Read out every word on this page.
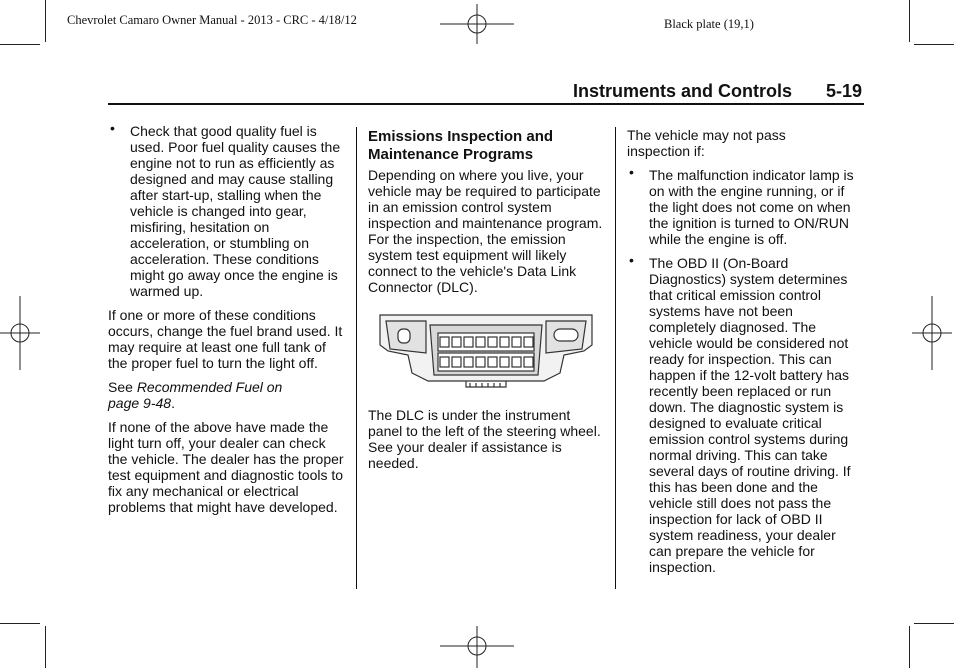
Chevrolet Camaro Owner Manual - 2013 - CRC - 4/18/12	Black plate (19,1)
Instruments and Controls 5-19
• Check that good quality fuel is used. Poor fuel quality causes the engine not to run as efficiently as designed and may cause stalling after start-up, stalling when the vehicle is changed into gear, misfiring, hesitation on acceleration, or stumbling on acceleration. These conditions might go away once the engine is warmed up.

If one or more of these conditions occurs, change the fuel brand used. It may require at least one full tank of the proper fuel to turn the light off.

See Recommended Fuel on page 9-48.

If none of the above have made the light turn off, your dealer can check the vehicle. The dealer has the proper test equipment and diagnostic tools to fix any mechanical or electrical problems that might have developed.

Emissions Inspection and Maintenance Programs

Depending on where you live, your vehicle may be required to participate in an emission control system inspection and maintenance program. For the inspection, the emission system test equipment will likely connect to the vehicle's Data Link Connector (DLC).

The DLC is under the instrument panel to the left of the steering wheel. See your dealer if assistance is needed.

The vehicle may not pass inspection if:

• The malfunction indicator lamp is on with the engine running, or if the light does not come on when the ignition is turned to ON/RUN while the engine is off.
• The OBD II (On-Board Diagnostics) system determines that critical emission control systems have not been completely diagnosed. The vehicle would be considered not ready for inspection. This can happen if the 12-volt battery has recently been replaced or run down. The diagnostic system is designed to evaluate critical emission control systems during normal driving. This can take several days of routine driving. If this has been done and the vehicle still does not pass the inspection for lack of OBD II system readiness, your dealer can prepare the vehicle for inspection.
